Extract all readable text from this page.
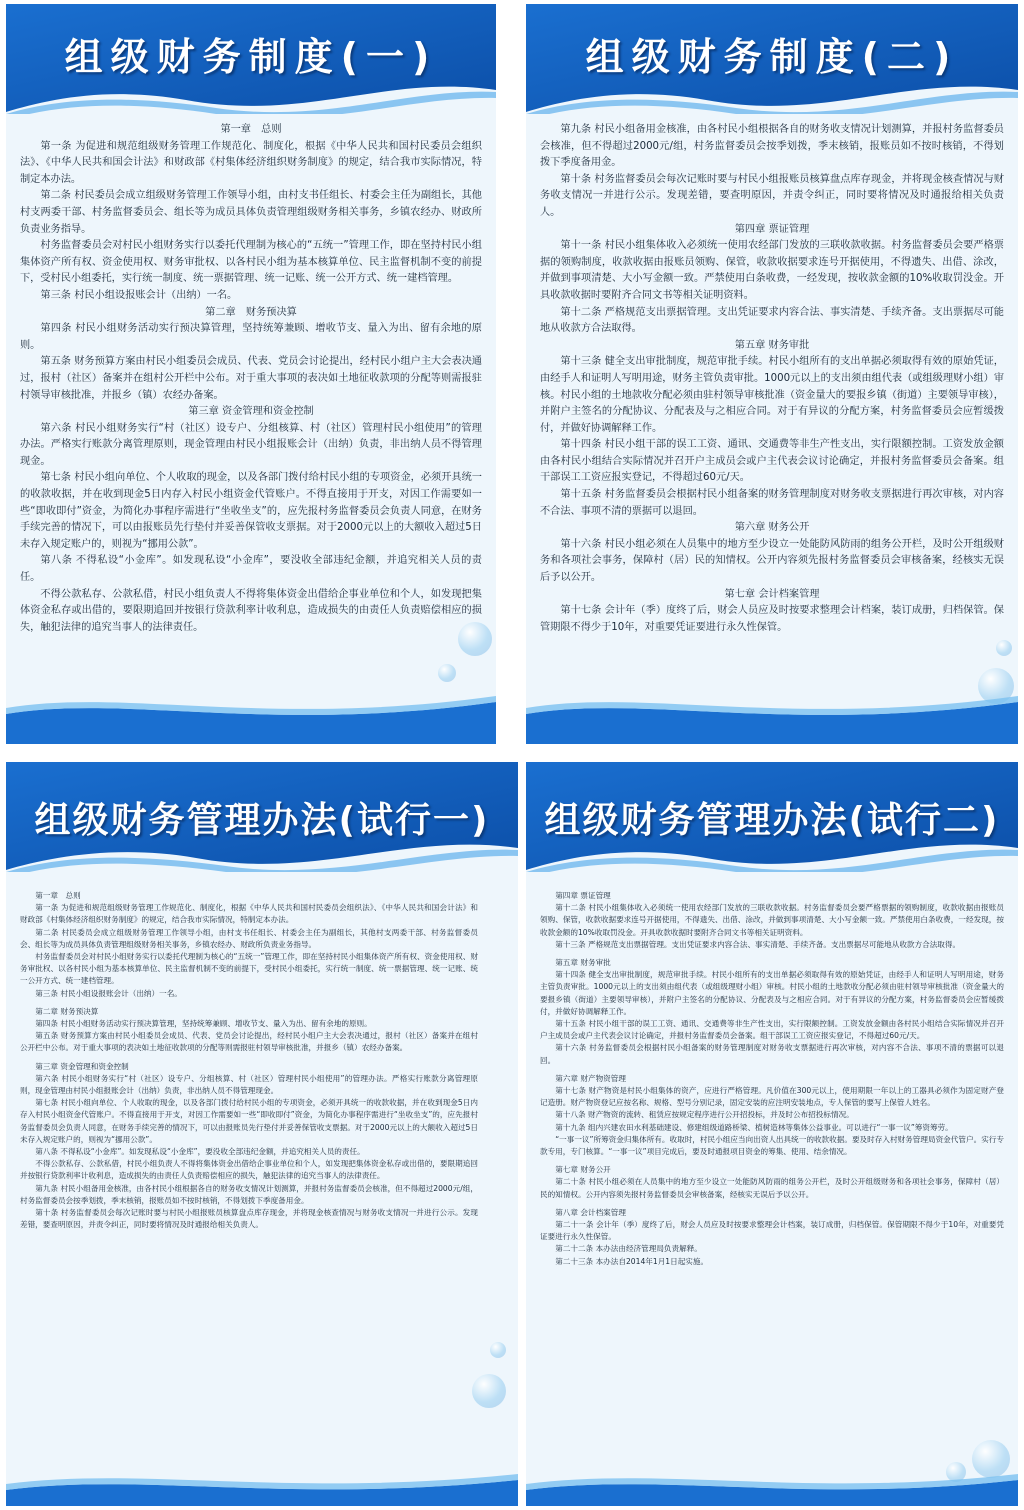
组级财务制度(一)

第一章　总则

第一条 为促进和规范组级财务管理工作规范化、制度化，根据《中华人民共和国村民委员会组织法》、《中华人民共和国会计法》和财政部《村集体经济组织财务制度》的规定，结合我市实际情况，特制定本办法。

第二条 村民委员会成立组级财务管理工作领导小组，由村支书任组长、村委会主任为副组长，其他村支两委干部、村务监督委员会、组长等为成员具体负责管理组级财务相关事务，乡镇农经办、财政所负责业务指导。

村务监督委员会对村民小组财务实行以委托代理制为核心的“五统一”管理工作，即在坚持村民小组集体资产所有权、资金使用权、财务审批权、以各村民小组为基本核算单位、民主监督机制不变的前提下，受村民小组委托，实行统一制度、统一票据管理、统一记账、统一公开方式、统一建档管理。

第三条 村民小组设报账会计（出纳）一名。

第二章　财务预决算

第四条 村民小组财务活动实行预决算管理，坚持统筹兼顾、增收节支、量入为出、留有余地的原则。

第五条 财务预算方案由村民小组委员会成员、代表、党员会讨论提出，经村民小组户主大会表决通过，报村（社区）备案并在组村公开栏中公布。对于重大事项的表决如土地征收款项的分配等则需报驻村领导审核批准，并报乡（镇）农经办备案。

第三章 资金管理和资金控制

第六条 村民小组财务实行“村（社区）设专户、分组核算、村（社区）管理村民小组使用”的管理办法。严格实行账款分离管理原则，现金管理由村民小组报账会计（出纳）负责，非出纳人员不得管理现金。

第七条 村民小组向单位、个人收取的现金，以及各部门拨付给村民小组的专项资金，必须开具统一的收款收据，并在收到现金5日内存入村民小组资金代管账户。不得直接用于开支，对因工作需要如一些“即收即付”资金，为简化办事程序需进行“坐收坐支”的，应先报村务监督委员会负责人同意，在财务手续完善的情况下，可以由报账员先行垫付并妥善保管收支票据。对于2000元以上的大额收入超过5日未存入规定账户的，则视为“挪用公款”。

第八条 不得私设“小金库”。如发现私设“小金库”，要没收全部违纪金额，并追究相关人员的责任。

不得公款私存、公款私借，村民小组负责人不得将集体资金出借给企事业单位和个人，如发现把集体资金私存或出借的，要限期追回并按银行贷款利率计收利息，造成损失的由责任人负责赔偿相应的损失，触犯法律的追究当事人的法律责任。

组级财务制度(二)

第九条 村民小组备用金核准，由各村民小组根据各自的财务收支情况计划测算，并报村务监督委员会核准，但不得超过2000元/组，村务监督委员会按季划拨，季末核销，报账员如不按时核销，不得划拨下季度备用金。

第十条 村务监督委员会每次记账时要与村民小组报账员核算盘点库存现金，并将现金核查情况与财务收支情况一并进行公示。发现差错，要查明原因，并责令纠正，同时要将情况及时通报给相关负责人。

第四章 票证管理

第十一条 村民小组集体收入必须统一使用农经部门发放的三联收款收据。村务监督委员会要严格票据的领购制度，收款收据由报账员领购、保管，收款收据要求连号开据使用，不得遗失、出借、涂改，并做到事项清楚、大小写金额一致。严禁使用白条收费，一经发现，按收款金额的10%收取罚没金。开具收款收据时要附齐合同文书等相关证明资料。

第十二条 严格规范支出票据管理。支出凭证要求内容合法、事实清楚、手续齐备。支出票据尽可能地从收款方合法取得。

第五章 财务审批

第十三条 健全支出审批制度，规范审批手续。村民小组所有的支出单据必须取得有效的原始凭证，由经手人和证明人写明用途，财务主管负责审批。1000元以上的支出须由组代表（或组级理财小组）审核。村民小组的土地款收分配必须由驻村领导审核批准（资金量大的要报乡镇（街道）主要领导审核），并附户主签名的分配协议、分配表及与之相应合同。对于有异议的分配方案，村务监督委员会应暂缓拨付，并做好协调解释工作。

第十四条 村民小组干部的误工工资、通讯、交通费等非生产性支出，实行限额控制。工资发放金额由各村民小组结合实际情况并召开户主成员会或户主代表会议讨论确定，并报村务监督委员会备案。组干部误工工资应报实登记，不得超过60元/天。

第十五条 村务监督委员会根据村民小组备案的财务管理制度对财务收支票据进行再次审核，对内容不合法、事项不清的票据可以退回。

第六章 财务公开

第十六条 村民小组必须在人员集中的地方至少设立一处能防风防雨的组务公开栏，及时公开组级财务和各项社会事务，保障村（居）民的知情权。公开内容须先报村务监督委员会审核备案，经核实无误后予以公开。

第七章 会计档案管理

第十七条 会计年（季）度终了后，财会人员应及时按要求整理会计档案，装订成册，归档保管。保管期限不得少于10年，对重要凭证要进行永久性保管。

组级财务管理办法(试行一)

第一章　总则

第一条 为促进和规范组级财务管理工作规范化、制度化，根据《中华人民共和国村民委员会组织法》、《中华人民共和国会计法》和财政部《村集体经济组织财务制度》的规定，结合我市实际情况，特制定本办法。

第二条 村民委员会成立组级财务管理工作领导小组，由村支书任组长、村委会主任为副组长，其他村支两委干部、村务监督委员会、组长等为成员具体负责管理组级财务相关事务，乡镇农经办、财政所负责业务指导。

村务监督委员会对村民小组财务实行以委托代理制为核心的“五统一”管理工作，即在坚持村民小组集体资产所有权、资金使用权、财务审批权、以各村民小组为基本核算单位、民主监督机制不变的前提下，受村民小组委托，实行统一制度、统一票据管理、统一记账、统一公开方式、统一建档管理。

第三条 村民小组设报账会计（出纳）一名。

第二章 财务预决算

第四条 村民小组财务活动实行预决算管理，坚持统筹兼顾、增收节支、量入为出、留有余地的原则。

第五条 财务预算方案由村民小组委员会成员、代表、党员会讨论提出，经村民小组户主大会表决通过，报村（社区）备案并在组村公开栏中公布。对于重大事项的表决如土地征收款项的分配等则需报驻村领导审核批准，并报乡（镇）农经办备案。

第三章 资金管理和资金控制

第六条 村民小组财务实行“村（社区）设专户、分组核算、村（社区）管理村民小组使用”的管理办法。严格实行账款分离管理原则，现金管理由村民小组报账会计（出纳）负责，非出纳人员不得管理现金。

第七条 村民小组向单位、个人收取的现金，以及各部门拨付给村民小组的专项资金，必须开具统一的收款收据，并在收到现金5日内存入村民小组资金代管账户。不得直接用于开支，对因工作需要如一些“即收即付”资金，为简化办事程序需进行“坐收坐支”的，应先报村务监督委员会负责人同意，在财务手续完善的情况下，可以由报账员先行垫付并妥善保管收支票据。对于2000元以上的大额收入超过5日未存入规定账户的，则视为“挪用公款”。

第八条 不得私设“小金库”。如发现私设“小金库”，要没收全部违纪金额，并追究相关人员的责任。

不得公款私存、公款私借，村民小组负责人不得将集体资金出借给企事业单位和个人，如发现把集体资金私存或出借的，要限期追回并按银行贷款利率计收利息，造成损失的由责任人负责赔偿相应的损失，触犯法律的追究当事人的法律责任。

第九条 村民小组备用金核准，由各村民小组根据各自的财务收支情况计划测算，并报村务监督委员会核准，但不得超过2000元/组，村务监督委员会按季划拨，季末核销，报账员如不按时核销，不得划拨下季度备用金。

第十条 村务监督委员会每次记账时要与村民小组报账员核算盘点库存现金，并将现金核查情况与财务收支情况一并进行公示。发现差错，要查明原因，并责令纠正，同时要将情况及时通报给相关负责人。

组级财务管理办法(试行二)

第四章 票证管理

第十二条 村民小组集体收入必须统一使用农经部门发放的三联收款收据。村务监督委员会要严格票据的领购制度，收款收据由报账员领购、保管，收款收据要求连号开据使用，不得遗失、出借、涂改，并做到事项清楚、大小写金额一致。严禁使用白条收费，一经发现，按收款金额的10%收取罚没金。开具收款收据时要附齐合同文书等相关证明资料。

第十三条 严格规范支出票据管理。支出凭证要求内容合法、事实清楚、手续齐备。支出票据尽可能地从收款方合法取得。

第五章 财务审批

第十四条 健全支出审批制度，规范审批手续。村民小组所有的支出单据必须取得有效的原始凭证，由经手人和证明人写明用途，财务主管负责审批。1000元以上的支出须由组代表（或组级理财小组）审核。村民小组的土地款收分配必须由驻村领导审核批准（资金量大的要报乡镇（街道）主要领导审核），并附户主签名的分配协议、分配表及与之相应合同。对于有异议的分配方案，村务监督委员会应暂缓拨付，并做好协调解释工作。

第十五条 村民小组干部的误工工资、通讯、交通费等非生产性支出，实行限额控制。工资发放金额由各村民小组结合实际情况并召开户主成员会或户主代表会议讨论确定，并报村务监督委员会备案。组干部误工工资应报实登记，不得超过60元/天。

第十六条 村务监督委员会根据村民小组备案的财务管理制度对财务收支票据进行再次审核，对内容不合法、事项不清的票据可以退回。

第六章 财产物资管理

第十七条 财产物资是村民小组集体的资产，应进行严格管理。凡价值在300元以上，使用期限一年以上的工器具必须作为固定财产登记造册。财产物资登记应按名称、规格、型号分别记录，固定安装的应注明安装地点，专人保管的要写上保管人姓名。

第十八条 财产物资的流转、租赁应按规定程序进行公开招投标，并及时公布招投标情况。

第十九条 组内兴建农田水利基础建设、修建组级道路桥梁、植树造林等集体公益事业。可以进行“一事一议”筹资筹劳。

“一事一议”所筹资金归集体所有。收取时，村民小组应当向出资人出具统一的收款收据。要及时存入村财务管理局资金代管户。实行专款专用，专门核算。“一事一议”项目完成后，要及时通报项目资金的筹集、使用、结余情况。

第七章 财务公开

第二十条 村民小组必须在人员集中的地方至少设立一处能防风防雨的组务公开栏，及时公开组级财务和各项社会事务，保障村（居）民的知情权。公开内容须先报村务监督委员会审核备案，经核实无误后予以公开。

第八章 会计档案管理

第二十一条 会计年（季）度终了后，财会人员应及时按要求整理会计档案，装订成册，归档保管。保管期限不得少于10年，对重要凭证要进行永久性保管。

第二十二条 本办法由经济管理局负责解释。

第二十三条 本办法自2014年1月1日起实施。
